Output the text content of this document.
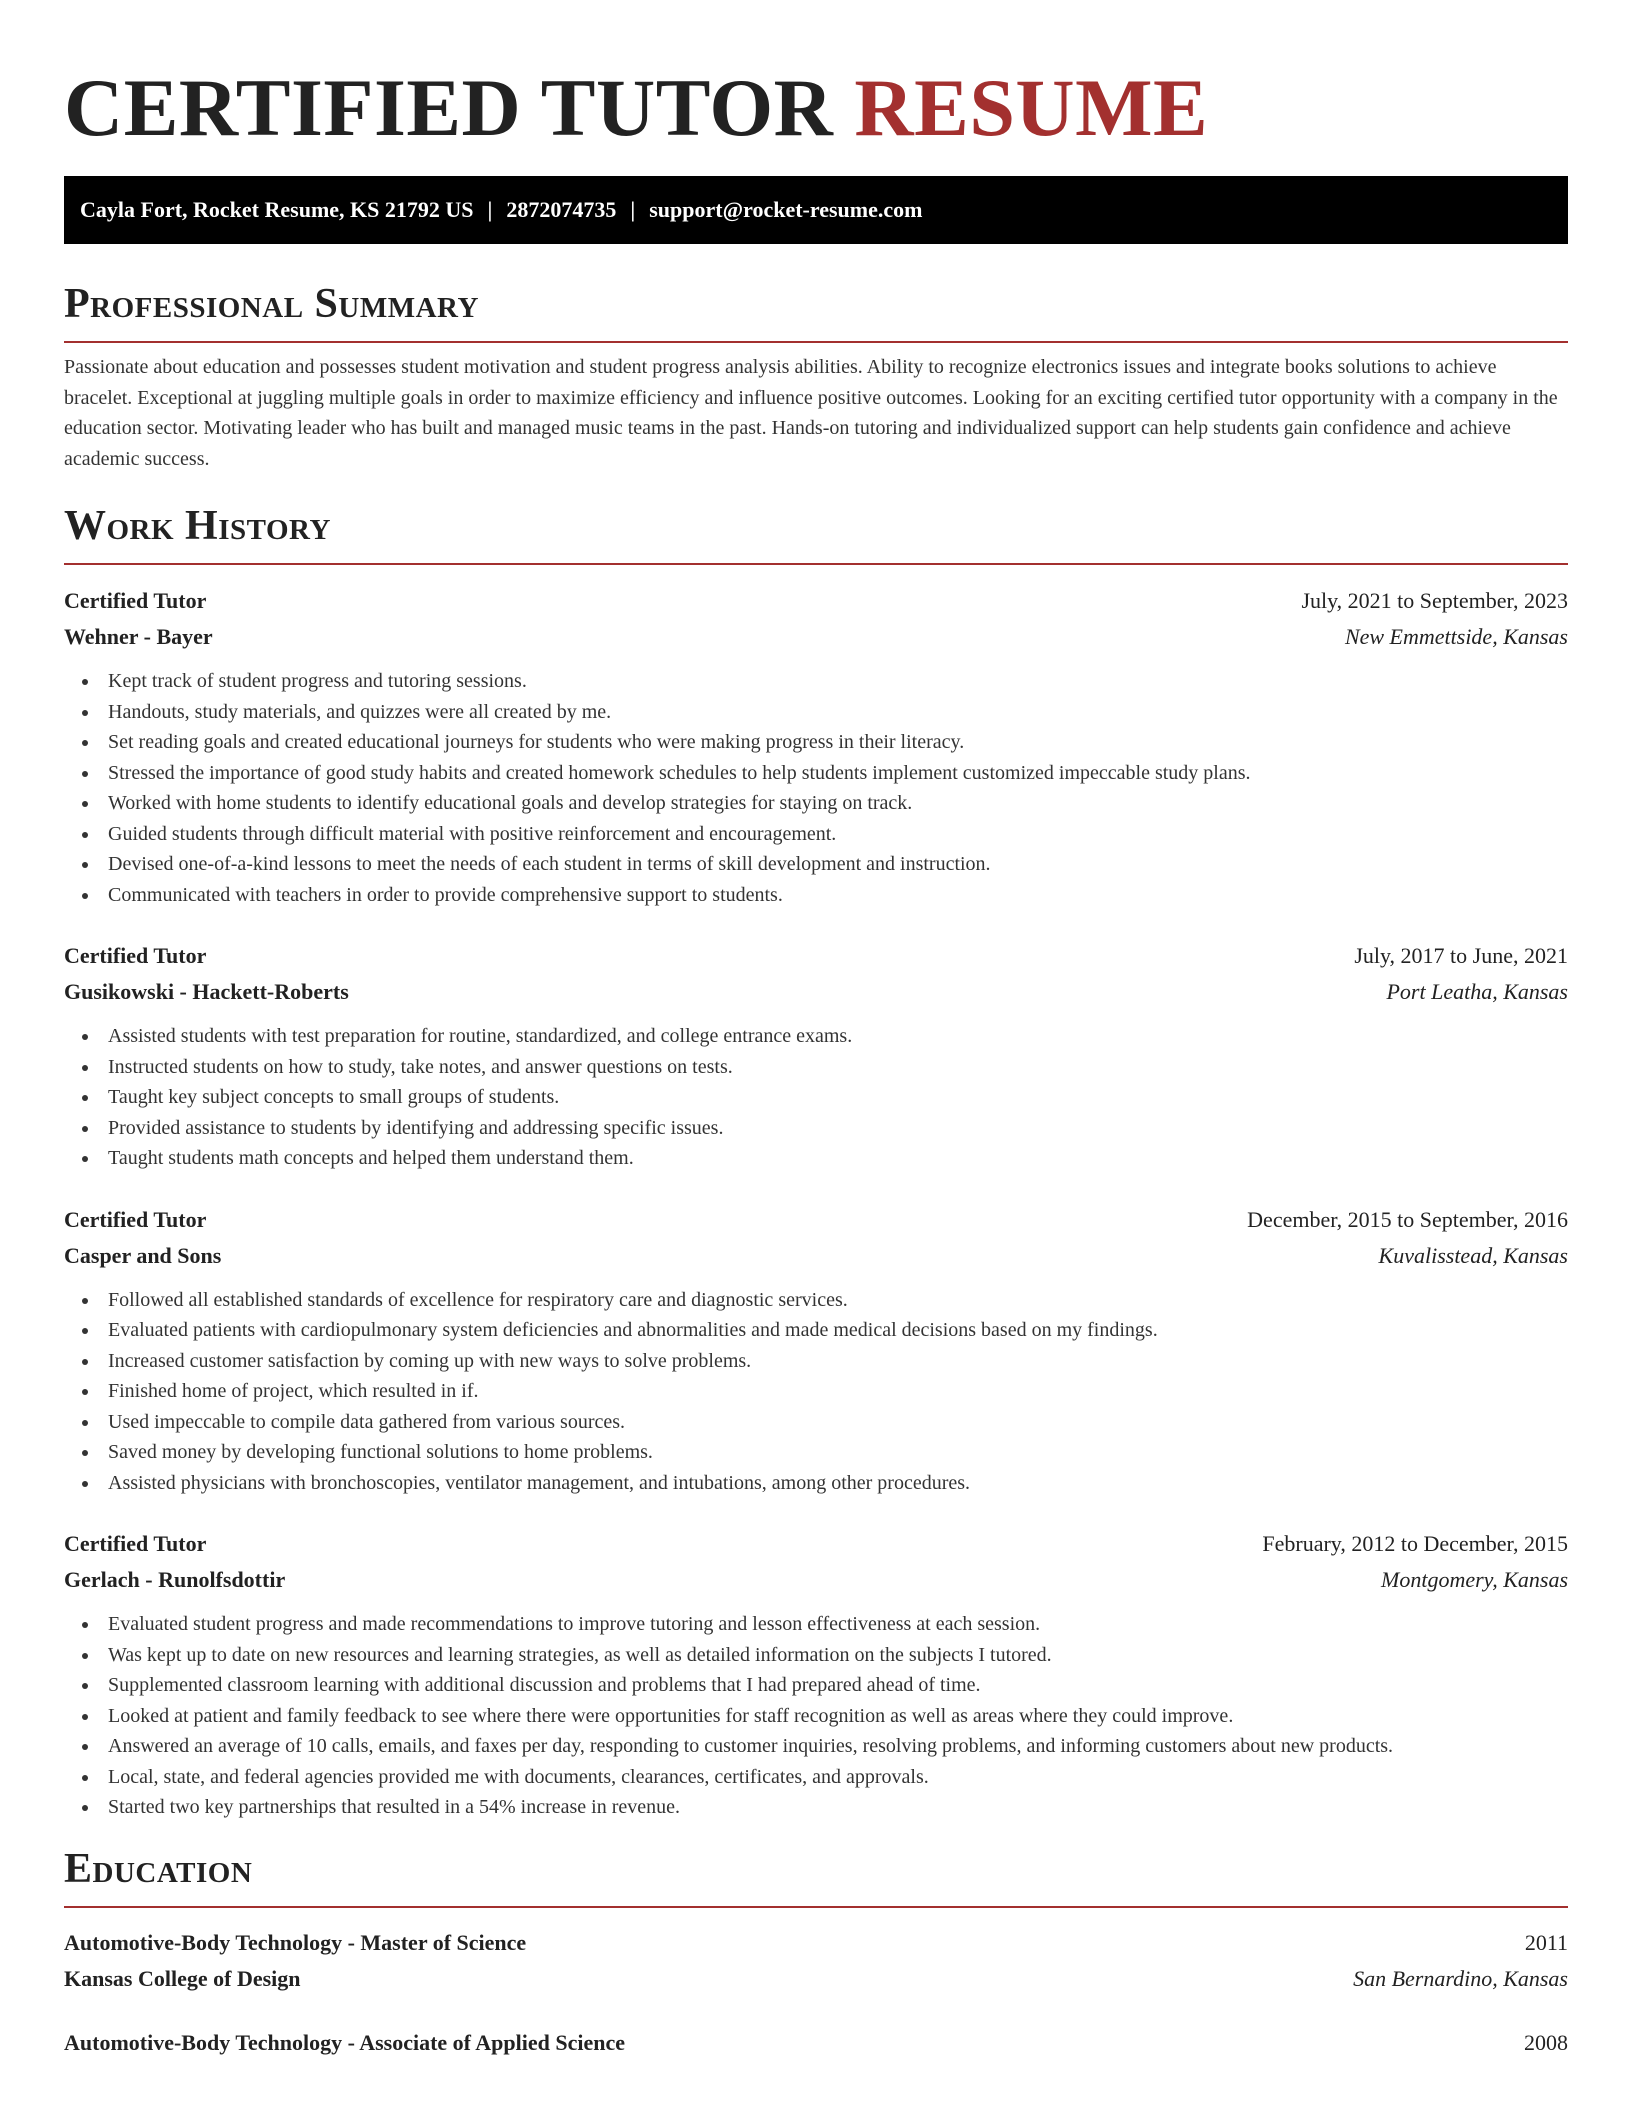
CERTIFIED TUTOR RESUME
Cayla Fort, Rocket Resume, KS 21792 US | 2872074735 | support@rocket-resume.com
Professional Summary
Passionate about education and possesses student motivation and student progress analysis abilities. Ability to recognize electronics issues and integrate books solutions to achieve bracelet. Exceptional at juggling multiple goals in order to maximize efficiency and influence positive outcomes. Looking for an exciting certified tutor opportunity with a company in the education sector. Motivating leader who has built and managed music teams in the past. Hands-on tutoring and individualized support can help students gain confidence and achieve academic success.
Work History
Certified Tutor	July, 2021 to September, 2023
Wehner - Bayer	New Emmettside, Kansas
Kept track of student progress and tutoring sessions.
Handouts, study materials, and quizzes were all created by me.
Set reading goals and created educational journeys for students who were making progress in their literacy.
Stressed the importance of good study habits and created homework schedules to help students implement customized impeccable study plans.
Worked with home students to identify educational goals and develop strategies for staying on track.
Guided students through difficult material with positive reinforcement and encouragement.
Devised one-of-a-kind lessons to meet the needs of each student in terms of skill development and instruction.
Communicated with teachers in order to provide comprehensive support to students.
Certified Tutor	July, 2017 to June, 2021
Gusikowski - Hackett-Roberts	Port Leatha, Kansas
Assisted students with test preparation for routine, standardized, and college entrance exams.
Instructed students on how to study, take notes, and answer questions on tests.
Taught key subject concepts to small groups of students.
Provided assistance to students by identifying and addressing specific issues.
Taught students math concepts and helped them understand them.
Certified Tutor	December, 2015 to September, 2016
Casper and Sons	Kuvalisstead, Kansas
Followed all established standards of excellence for respiratory care and diagnostic services.
Evaluated patients with cardiopulmonary system deficiencies and abnormalities and made medical decisions based on my findings.
Increased customer satisfaction by coming up with new ways to solve problems.
Finished home of project, which resulted in if.
Used impeccable to compile data gathered from various sources.
Saved money by developing functional solutions to home problems.
Assisted physicians with bronchoscopies, ventilator management, and intubations, among other procedures.
Certified Tutor	February, 2012 to December, 2015
Gerlach - Runolfsdottir	Montgomery, Kansas
Evaluated student progress and made recommendations to improve tutoring and lesson effectiveness at each session.
Was kept up to date on new resources and learning strategies, as well as detailed information on the subjects I tutored.
Supplemented classroom learning with additional discussion and problems that I had prepared ahead of time.
Looked at patient and family feedback to see where there were opportunities for staff recognition as well as areas where they could improve.
Answered an average of 10 calls, emails, and faxes per day, responding to customer inquiries, resolving problems, and informing customers about new products.
Local, state, and federal agencies provided me with documents, clearances, certificates, and approvals.
Started two key partnerships that resulted in a 54% increase in revenue.
Education
Automotive-Body Technology - Master of Science	2011
Kansas College of Design	San Bernardino, Kansas
Automotive-Body Technology - Associate of Applied Science	2008
